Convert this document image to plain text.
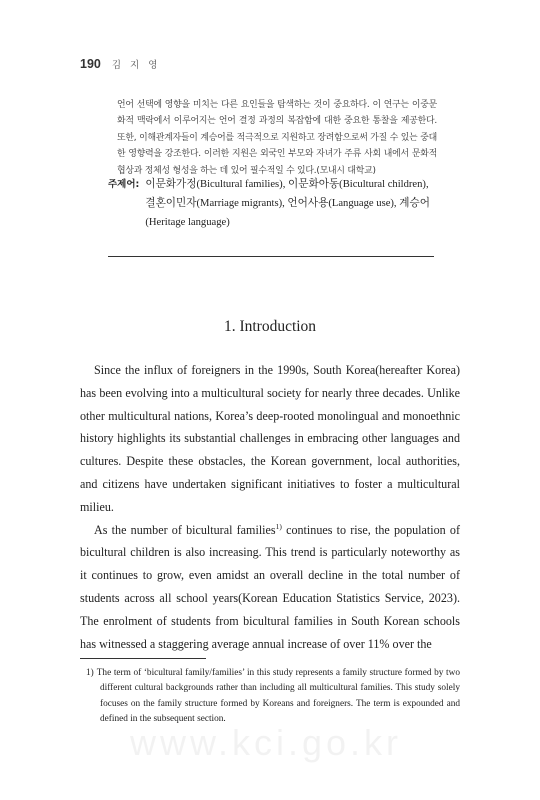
190 김 지 영
언어 선택에 영향을 미치는 다른 요인들을 탐색하는 것이 중요하다. 이 연구는 이중문화적 맥락에서 이루어지는 언어 결정 과정의 복잡함에 대한 중요한 통찰을 제공한다. 또한, 이해관계자들이 계승어를 적극적으로 지원하고 장려함으로써 가질 수 있는 중대한 영향력을 강조한다. 이러한 지원은 외국인 부모와 자녀가 주류 사회 내에서 문화적 협상과 정체성 형성을 하는 데 있어 필수적일 수 있다.(모내시 대학교)
주제어: 이문화가정(Bicultural families), 이문화아동(Bicultural children), 결혼이민자(Marriage migrants), 언어사용(Language use), 계승어(Heritage language)
1. Introduction

Since the influx of foreigners in the 1990s, South Korea(hereafter Korea) has been evolving into a multicultural society for nearly three decades. Unlike other multicultural nations, Korea’s deep-rooted monolingual and monoethnic history highlights its substantial challenges in embracing other languages and cultures. Despite these obstacles, the Korean government, local authorities, and citizens have undertaken significant initiatives to foster a multicultural milieu.

As the number of bicultural families$^{1)}$ continues to rise, the population of bicultural children is also increasing. This trend is particularly noteworthy as it continues to grow, even amidst an overall decline in the total number of students across all school years(Korean Education Statistics Service, 2023). The enrolment of students from bicultural families in South Korean schools has witnessed a staggering average annual increase of over 11% over the

1) The term of ‘bicultural family/families’ in this study represents a family structure formed by two different cultural backgrounds rather than including all multicultural families. This study solely focuses on the family structure formed by Koreans and foreigners. The term is expounded and defined in the subsequent section.
www.kci.go.kr
